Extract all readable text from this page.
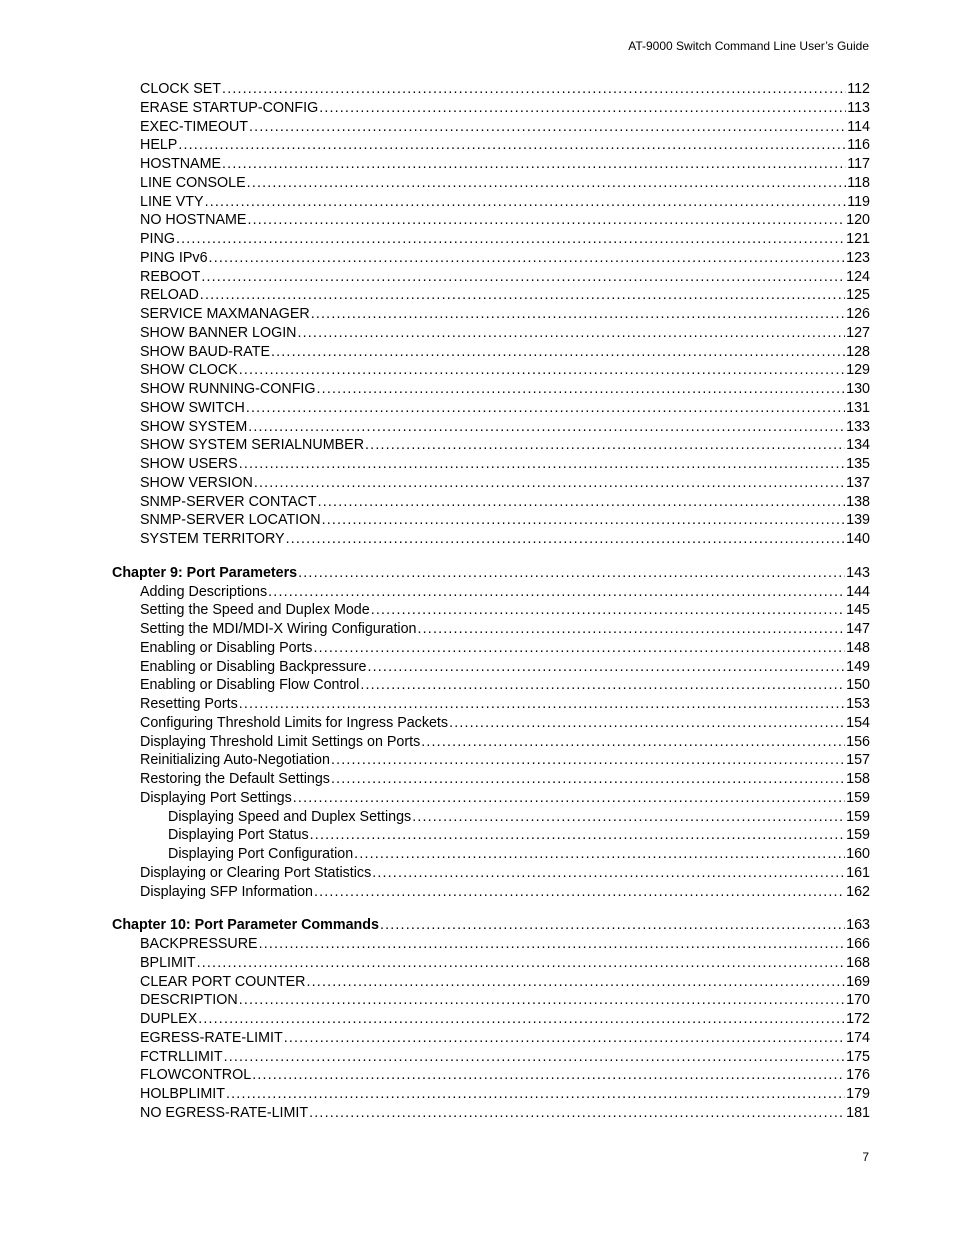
AT-9000 Switch Command Line User’s Guide
CLOCK SET . . .	112
ERASE STARTUP-CONFIG . . .	113
EXEC-TIMEOUT . . .	114
HELP . . .	116
HOSTNAME . . .	117
LINE CONSOLE . . .	118
LINE VTY . . .	119
NO HOSTNAME . . .	120
PING . . .	121
PING IPv6 . . .	123
REBOOT . . .	124
RELOAD . . .	125
SERVICE MAXMANAGER . . .	126
SHOW BANNER LOGIN . . .	127
SHOW BAUD-RATE . . .	128
SHOW CLOCK . . .	129
SHOW RUNNING-CONFIG . . .	130
SHOW SWITCH . . .	131
SHOW SYSTEM . . .	133
SHOW SYSTEM SERIALNUMBER . . .	134
SHOW USERS . . .	135
SHOW VERSION . . .	137
SNMP-SERVER CONTACT . . .	138
SNMP-SERVER LOCATION . . .	139
SYSTEM TERRITORY . . .	140
Chapter 9: Port Parameters . . .	143
Adding Descriptions . . .	144
Setting the Speed and Duplex Mode . . .	145
Setting the MDI/MDI-X Wiring Configuration . . .	147
Enabling or Disabling Ports . . .	148
Enabling or Disabling Backpressure . . .	149
Enabling or Disabling Flow Control . . .	150
Resetting Ports . . .	153
Configuring Threshold Limits for Ingress Packets . . .	154
Displaying Threshold Limit Settings on Ports . . .	156
Reinitializing Auto-Negotiation . . .	157
Restoring the Default Settings . . .	158
Displaying Port Settings . . .	159
Displaying Speed and Duplex Settings . . .	159
Displaying Port Status . . .	159
Displaying Port Configuration . . .	160
Displaying or Clearing Port Statistics . . .	161
Displaying SFP Information . . .	162
Chapter 10: Port Parameter Commands . . .	163
BACKPRESSURE . . .	166
BPLIMIT . . .	168
CLEAR PORT COUNTER . . .	169
DESCRIPTION . . .	170
DUPLEX . . .	172
EGRESS-RATE-LIMIT . . .	174
FCTRLLIMIT . . .	175
FLOWCONTROL . . .	176
HOLBPLIMIT . . .	179
NO EGRESS-RATE-LIMIT . . .	181
7
